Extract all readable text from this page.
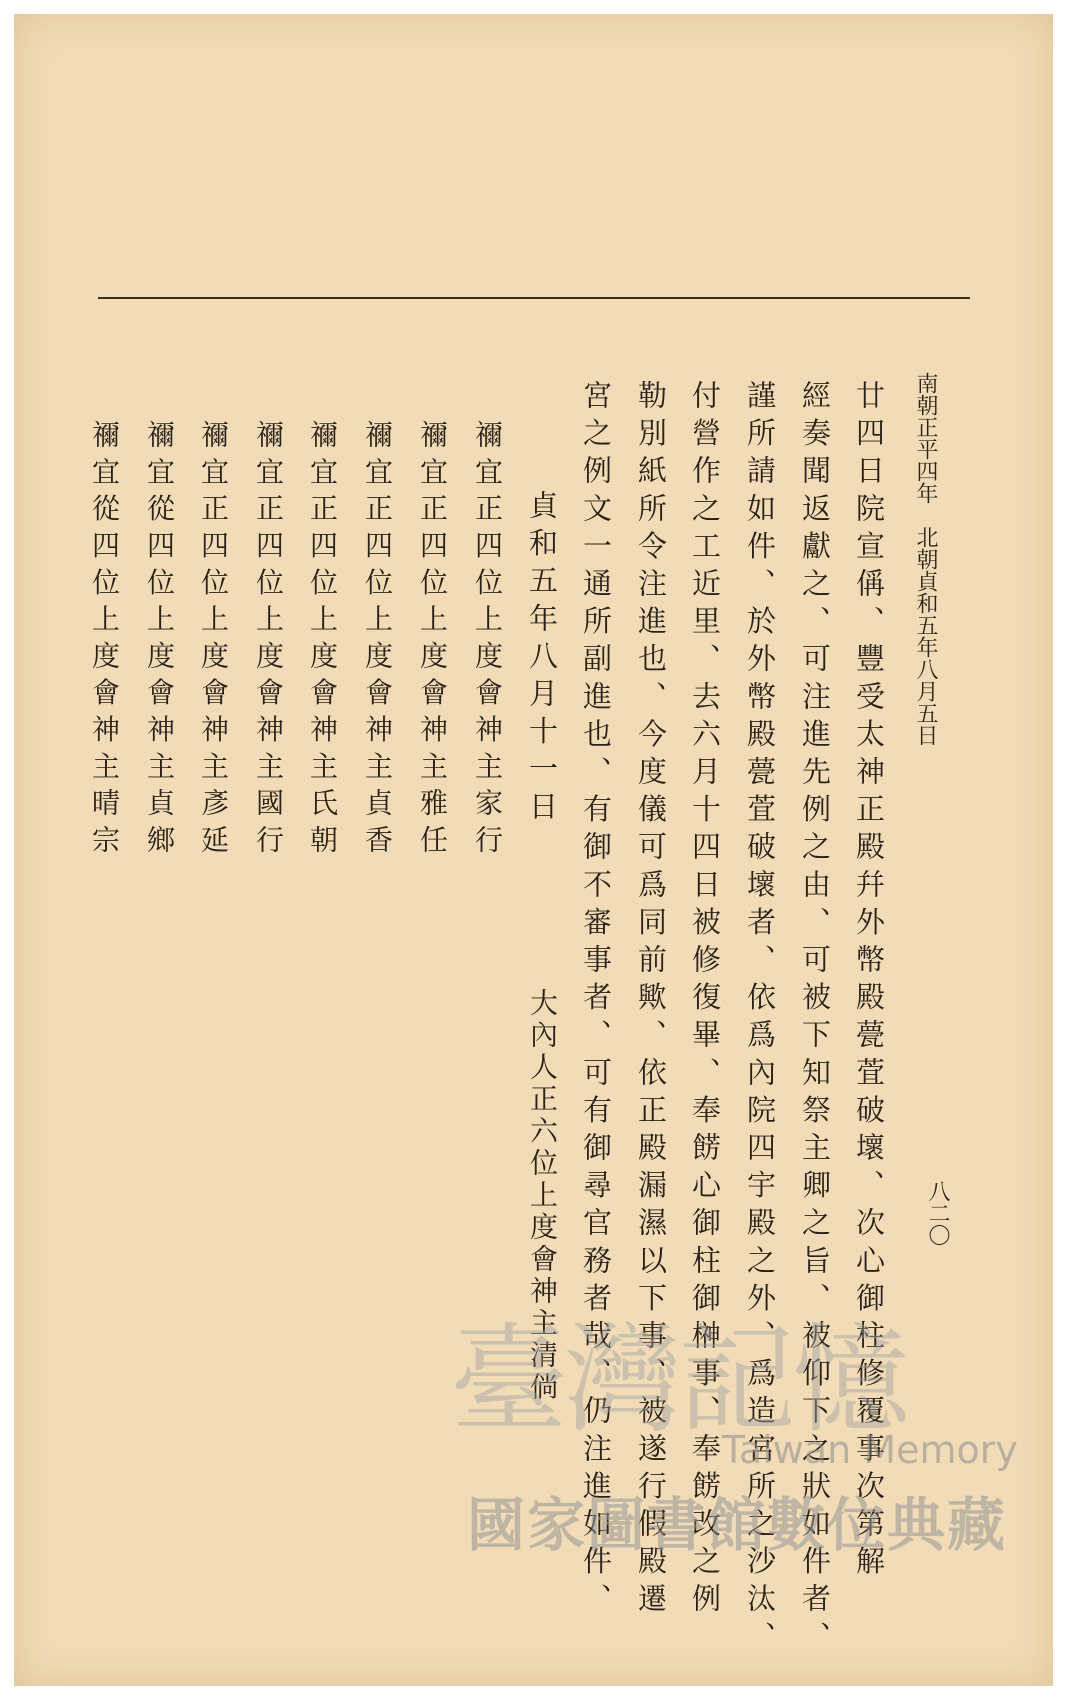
南朝正平四年　北朝貞和五年八月五日
八二〇
廿四日院宣偁、豐受太神正殿幷外幣殿甍萓破壞、次心御柱修覆事次第解
經奏聞返獻之、可注進先例之由、可被下知祭主卿之旨、被仰下之狀如件者、
謹所請如件、於外幣殿甍萓破壞者、依爲內院四宇殿之外、爲造宮所之沙汰、
付營作之工近里、去六月十四日被修復畢、奉餝心御柱御榊事、奉餝改之例
勒別紙所令注進也、今度儀可爲同前歟、依正殿漏濕以下事、被遂行假殿遷
宮之例文一通所副進也、有御不審事者、可有御尋官務者哉、仍注進如件、
貞和五年八月十一日
大內人正六位上度會神主清倘
禰宜正四位上度會神主家行
禰宜正四位上度會神主雅任
禰宜正四位上度會神主貞香
禰宜正四位上度會神主氏朝
禰宜正四位上度會神主國行
禰宜正四位上度會神主彥延
禰宜從四位上度會神主貞鄉
禰宜從四位上度會神主晴宗
臺灣記憶
Taiwan Memory
國家圖書館數位典藏
